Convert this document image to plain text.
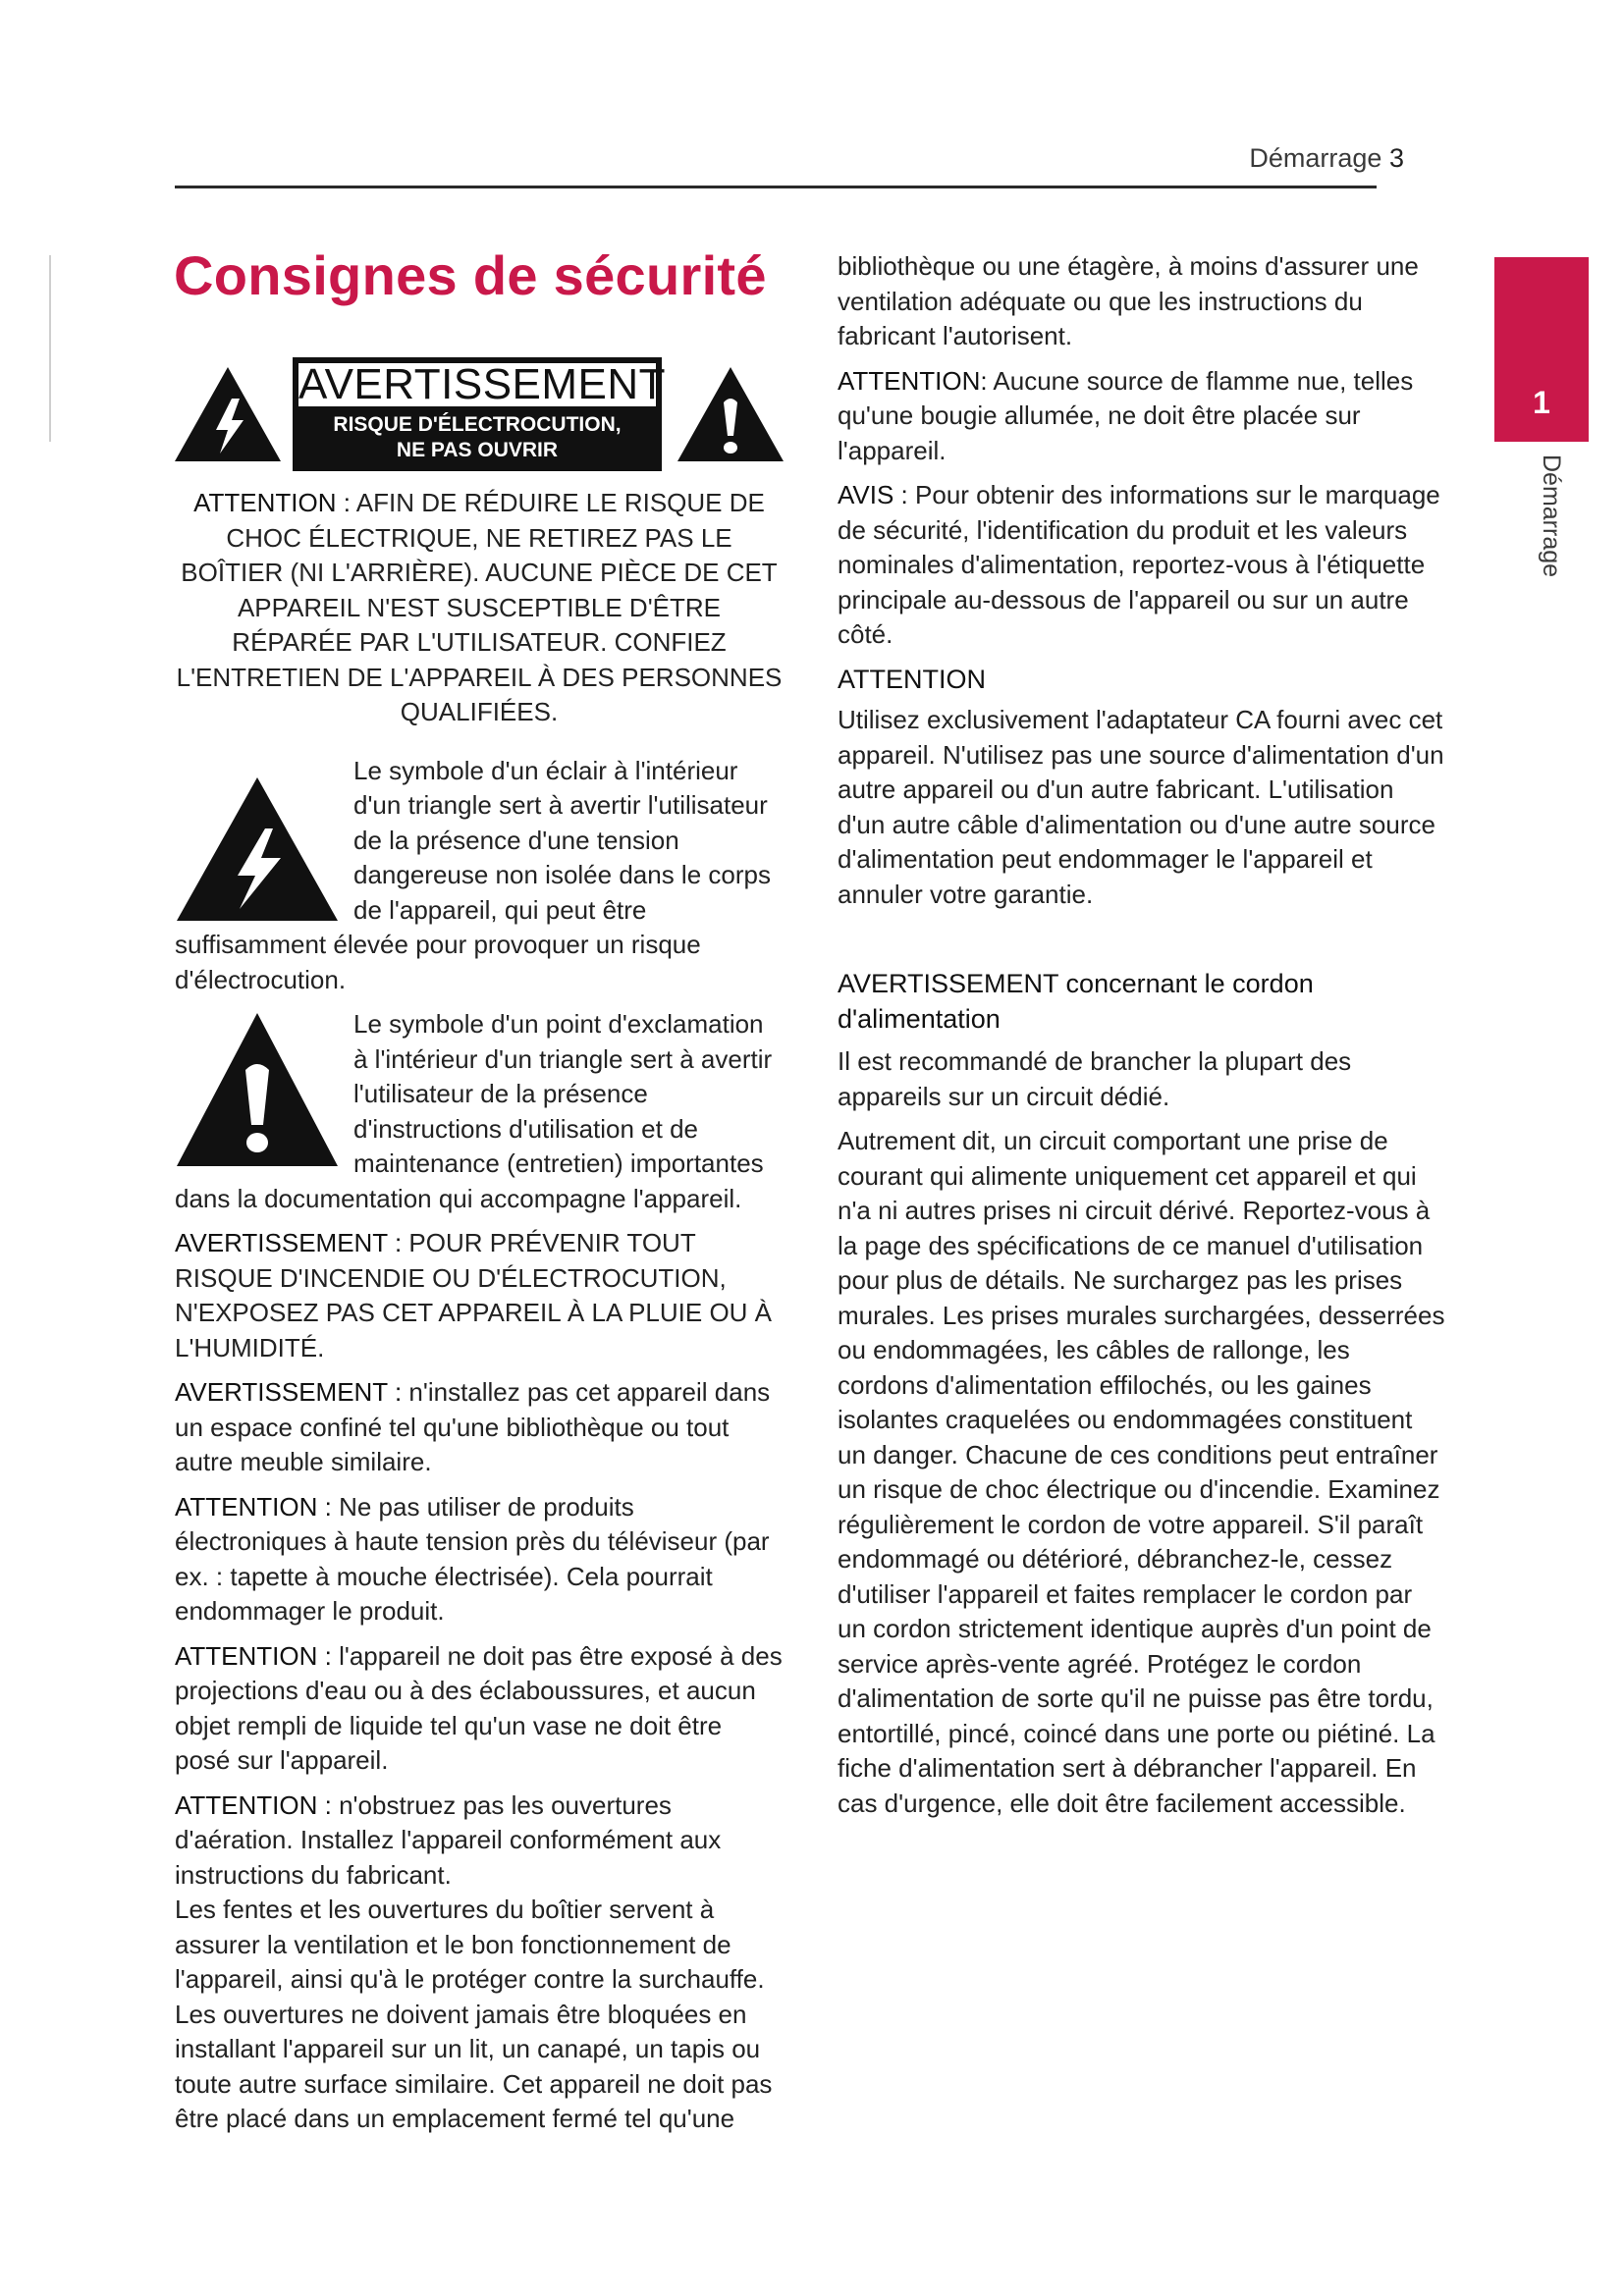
Démarrage 3
1
Démarrage
Consignes de sécurité
AVERTISSEMENT
RISQUE D'ÉLECTROCUTION,
NE PAS OUVRIR

ATTENTION : AFIN DE RÉDUIRE LE RISQUE DE CHOC ÉLECTRIQUE, NE RETIREZ PAS LE BOÎTIER (NI L'ARRIÈRE). AUCUNE PIÈCE DE CET APPAREIL N'EST SUSCEPTIBLE D'ÊTRE RÉPARÉE PAR L'UTILISATEUR. CONFIEZ L'ENTRETIEN DE L'APPAREIL À DES PERSONNES QUALIFIÉES.

Le symbole d'un éclair à l'intérieur d'un triangle sert à avertir l'utilisateur de la présence d'une tension dangereuse non isolée dans le corps de l'appareil, qui peut être suffisamment élevée pour provoquer un risque d'électrocution.

Le symbole d'un point d'exclamation à l'intérieur d'un triangle sert à avertir l'utilisateur de la présence d'instructions d'utilisation et de maintenance (entretien) importantes dans la documentation qui accompagne l'appareil.

AVERTISSEMENT : POUR PRÉVENIR TOUT RISQUE D'INCENDIE OU D'ÉLECTROCUTION, N'EXPOSEZ PAS CET APPAREIL À LA PLUIE OU À L'HUMIDITÉ.

AVERTISSEMENT : n'installez pas cet appareil dans un espace confiné tel qu'une bibliothèque ou tout autre meuble similaire.

ATTENTION : Ne pas utiliser de produits électroniques à haute tension près du téléviseur (par ex. : tapette à mouche électrisée). Cela pourrait endommager le produit.

ATTENTION : l'appareil ne doit pas être exposé à des projections d'eau ou à des éclaboussures, et aucun objet rempli de liquide tel qu'un vase ne doit être posé sur l'appareil.

ATTENTION : n'obstruez pas les ouvertures d'aération. Installez l'appareil conformément aux instructions du fabricant.

Les fentes et les ouvertures du boîtier servent à assurer la ventilation et le bon fonctionnement de l'appareil, ainsi qu'à le protéger contre la surchauffe. Les ouvertures ne doivent jamais être bloquées en installant l'appareil sur un lit, un canapé, un tapis ou toute autre surface similaire. Cet appareil ne doit pas être placé dans un emplacement fermé tel qu'une

bibliothèque ou une étagère, à moins d'assurer une ventilation adéquate ou que les instructions du fabricant l'autorisent.

ATTENTION: Aucune source de flamme nue, telles qu'une bougie allumée, ne doit être placée sur l'appareil.

AVIS : Pour obtenir des informations sur le marquage de sécurité, l'identification du produit et les valeurs nominales d'alimentation, reportez-vous à l'étiquette principale au-dessous de l'appareil ou sur un autre côté.

ATTENTION

Utilisez exclusivement l'adaptateur CA fourni avec cet appareil. N'utilisez pas une source d'alimentation d'un autre appareil ou d'un autre fabricant. L'utilisation d'un autre câble d'alimentation ou d'une autre source d'alimentation peut endommager le l'appareil et annuler votre garantie.

AVERTISSEMENT concernant le cordon d'alimentation

Il est recommandé de brancher la plupart des appareils sur un circuit dédié.

Autrement dit, un circuit comportant une prise de courant qui alimente uniquement cet appareil et qui n'a ni autres prises ni circuit dérivé. Reportez-vous à la page des spécifications de ce manuel d'utilisation pour plus de détails. Ne surchargez pas les prises murales. Les prises murales surchargées, desserrées ou endommagées, les câbles de rallonge, les cordons d'alimentation effilochés, ou les gaines isolantes craquelées ou endommagées constituent un danger. Chacune de ces conditions peut entraîner un risque de choc électrique ou d'incendie. Examinez régulièrement le cordon de votre appareil. S'il paraît endommagé ou détérioré, débranchez-le, cessez d'utiliser l'appareil et faites remplacer le cordon par un cordon strictement identique auprès d'un point de service après-vente agréé. Protégez le cordon d'alimentation de sorte qu'il ne puisse pas être tordu, entortillé, pincé, coincé dans une porte ou piétiné. La fiche d'alimentation sert à débrancher l'appareil. En cas d'urgence, elle doit être facilement accessible.
